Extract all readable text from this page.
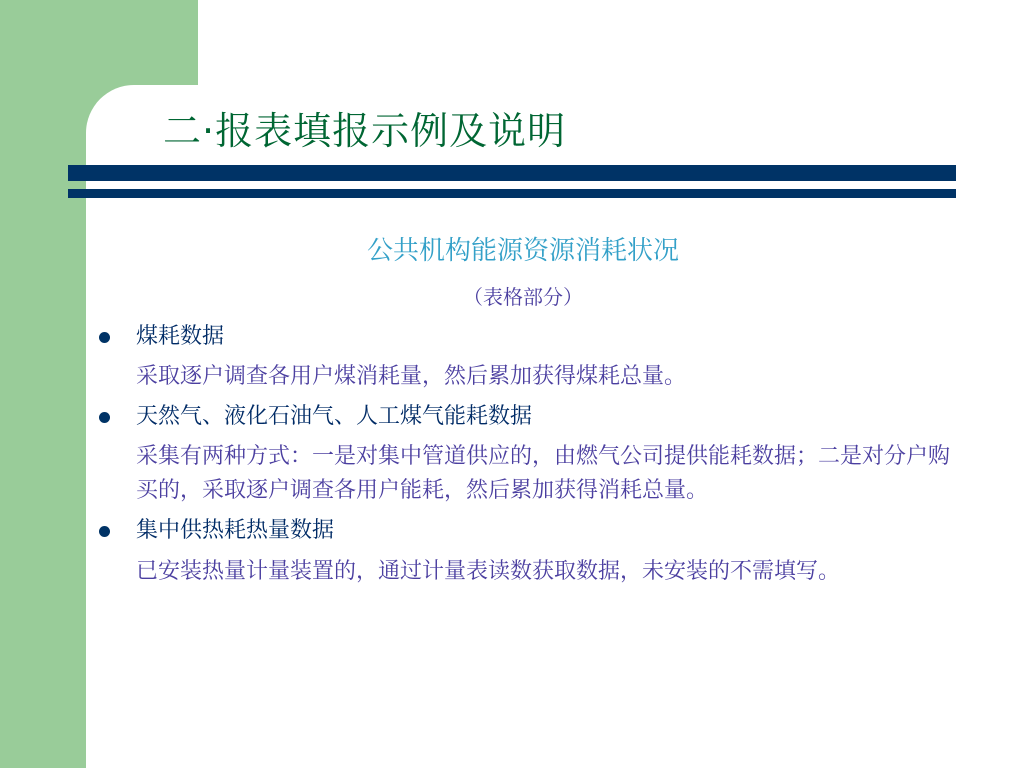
二·报表填报示例及说明
公共机构能源资源消耗状况
（表格部分）
煤耗数据
采取逐户调查各用户煤消耗量，然后累加获得煤耗总量。
天然气、液化石油气、人工煤气能耗数据
采集有两种方式：一是对集中管道供应的，由燃气公司提供能耗数据；二是对分户购买的，采取逐户调查各用户能耗，然后累加获得消耗总量。
集中供热耗热量数据
已安装热量计量装置的，通过计量表读数获取数据，未安装的不需填写。
